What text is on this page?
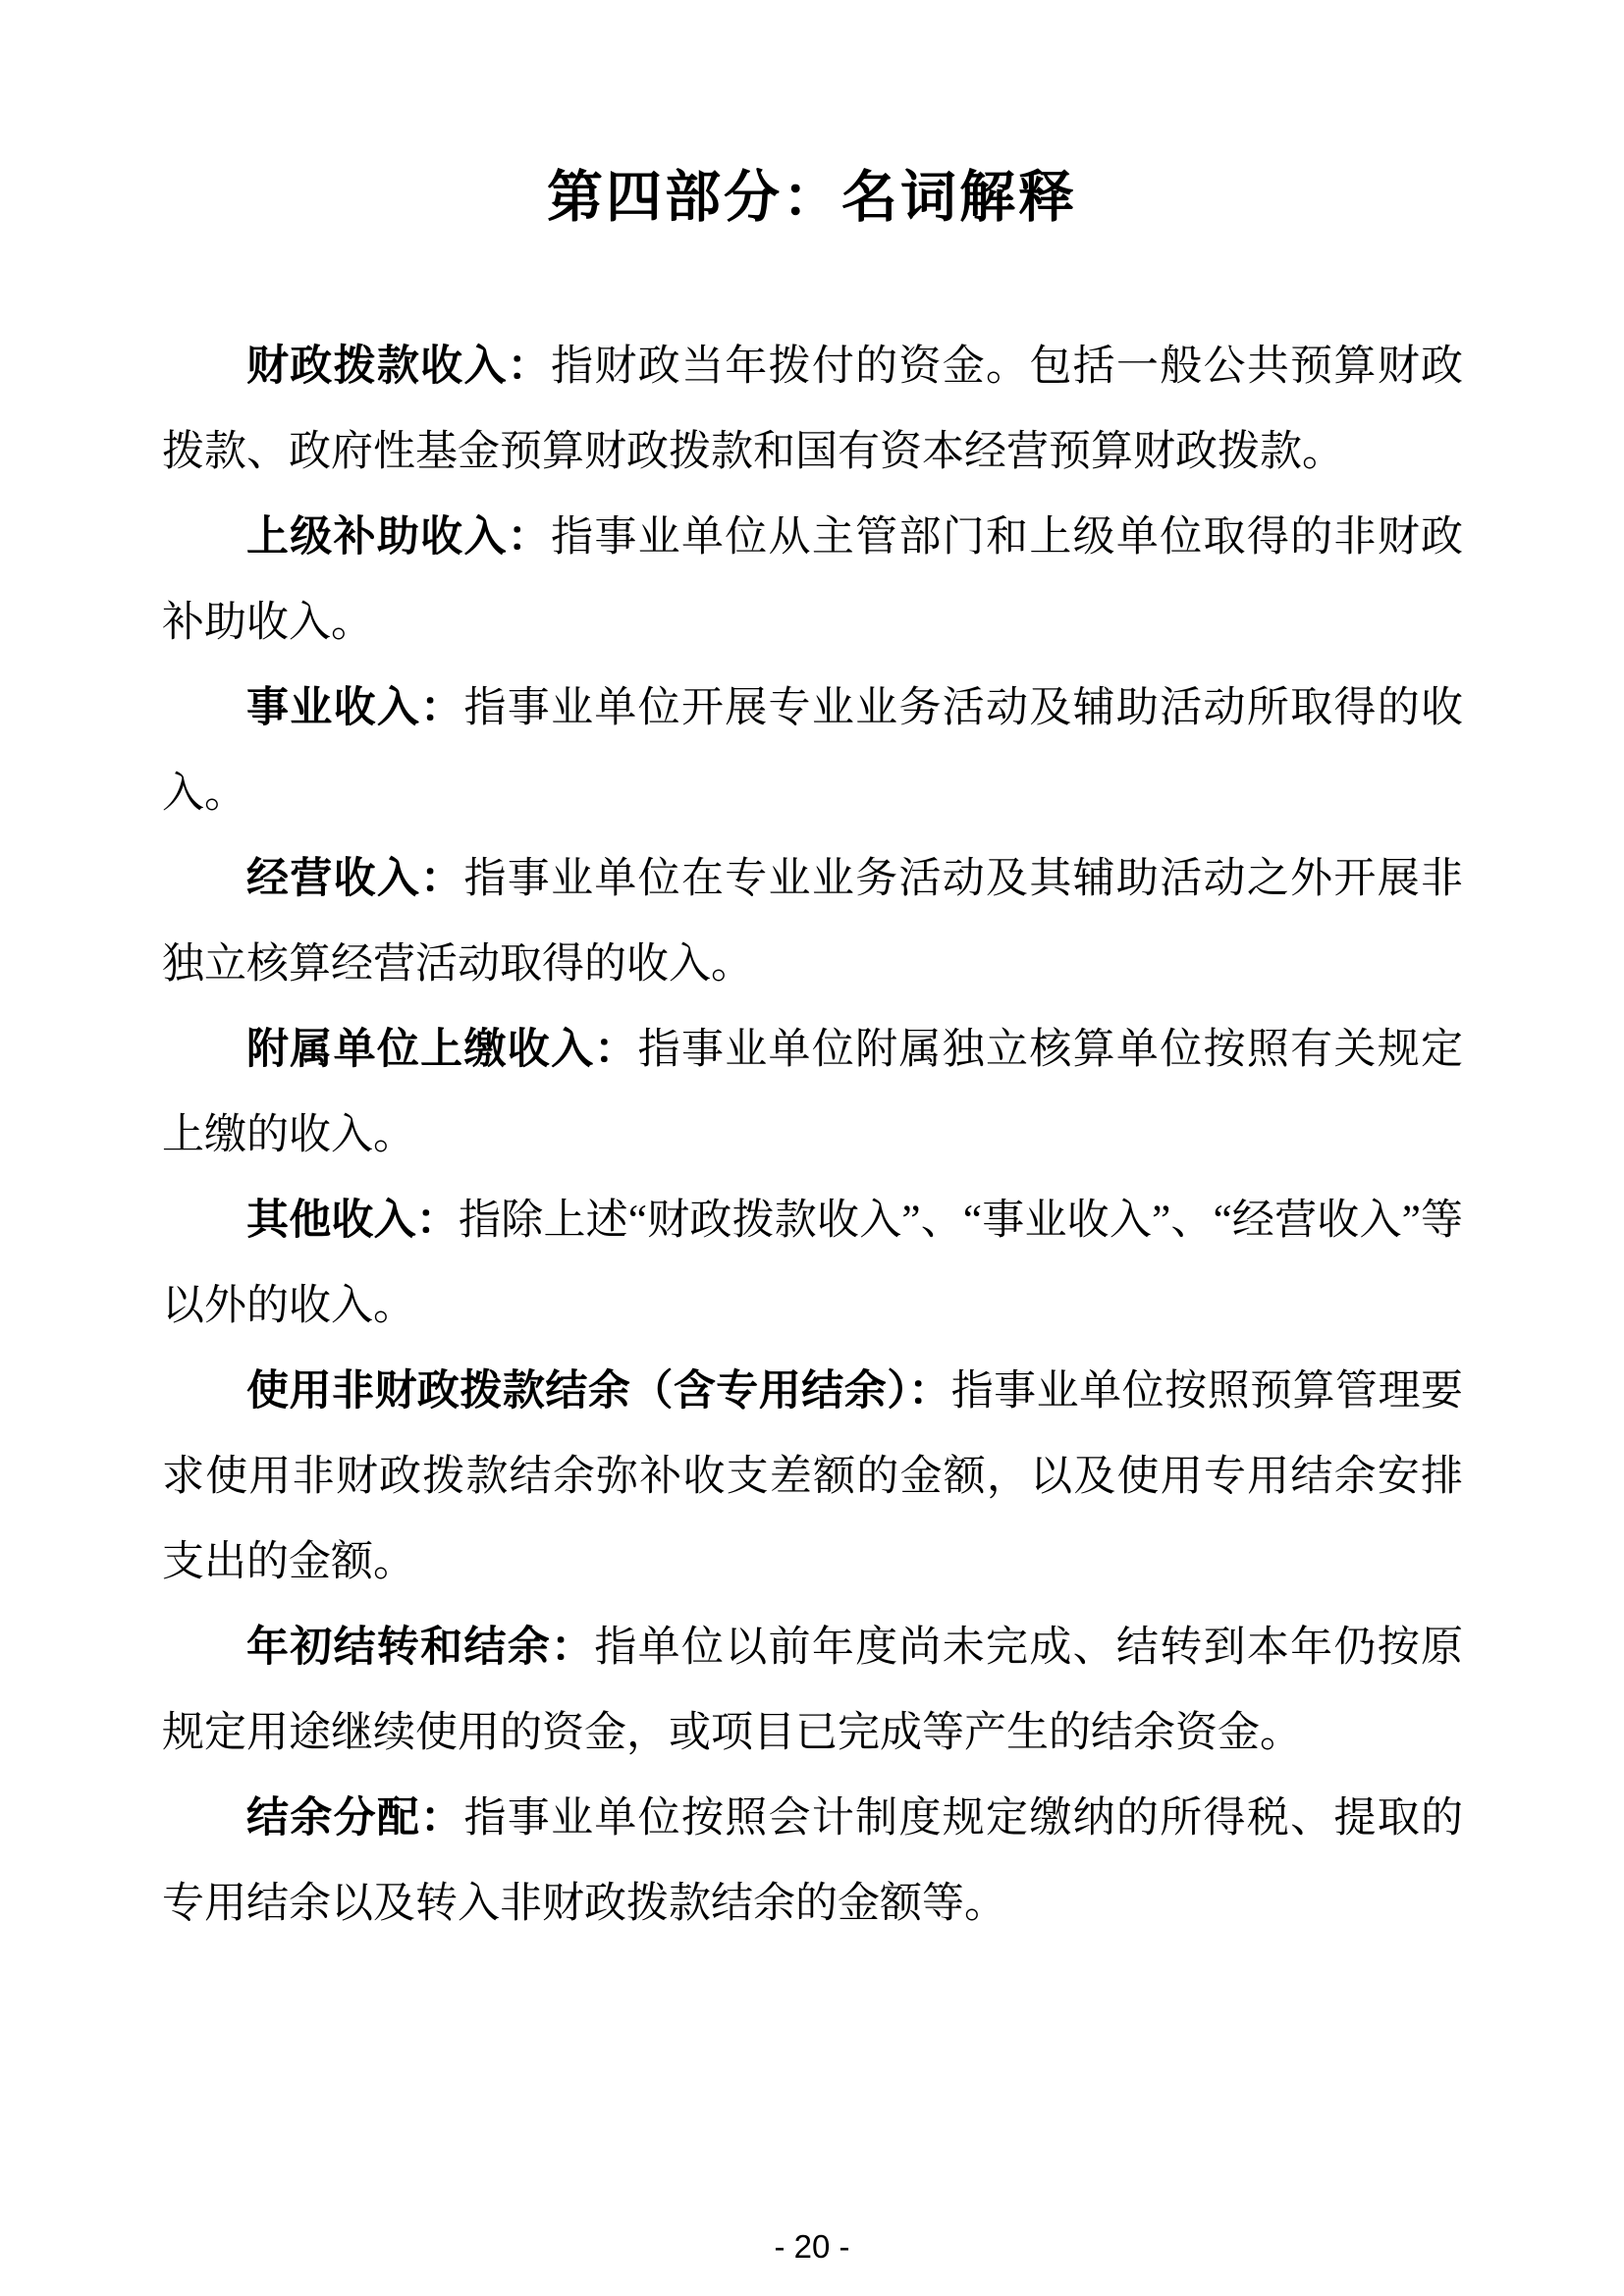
第四部分：名词解释

财政拨款收入：指财政当年拨付的资金。包括一般公共预算财政拨款、政府性基金预算财政拨款和国有资本经营预算财政拨款。

上级补助收入：指事业单位从主管部门和上级单位取得的非财政补助收入。

事业收入：指事业单位开展专业业务活动及辅助活动所取得的收入。

经营收入：指事业单位在专业业务活动及其辅助活动之外开展非独立核算经营活动取得的收入。

附属单位上缴收入：指事业单位附属独立核算单位按照有关规定上缴的收入。

其他收入：指除上述“财政拨款收入”、“事业收入”、“经营收入”等以外的收入。

使用非财政拨款结余（含专用结余）：指事业单位按照预算管理要求使用非财政拨款结余弥补收支差额的金额，以及使用专用结余安排支出的金额。

年初结转和结余：指单位以前年度尚未完成、结转到本年仍按原规定用途继续使用的资金，或项目已完成等产生的结余资金。

结余分配：指事业单位按照会计制度规定缴纳的所得税、提取的专用结余以及转入非财政拨款结余的金额等。

- 20 -
